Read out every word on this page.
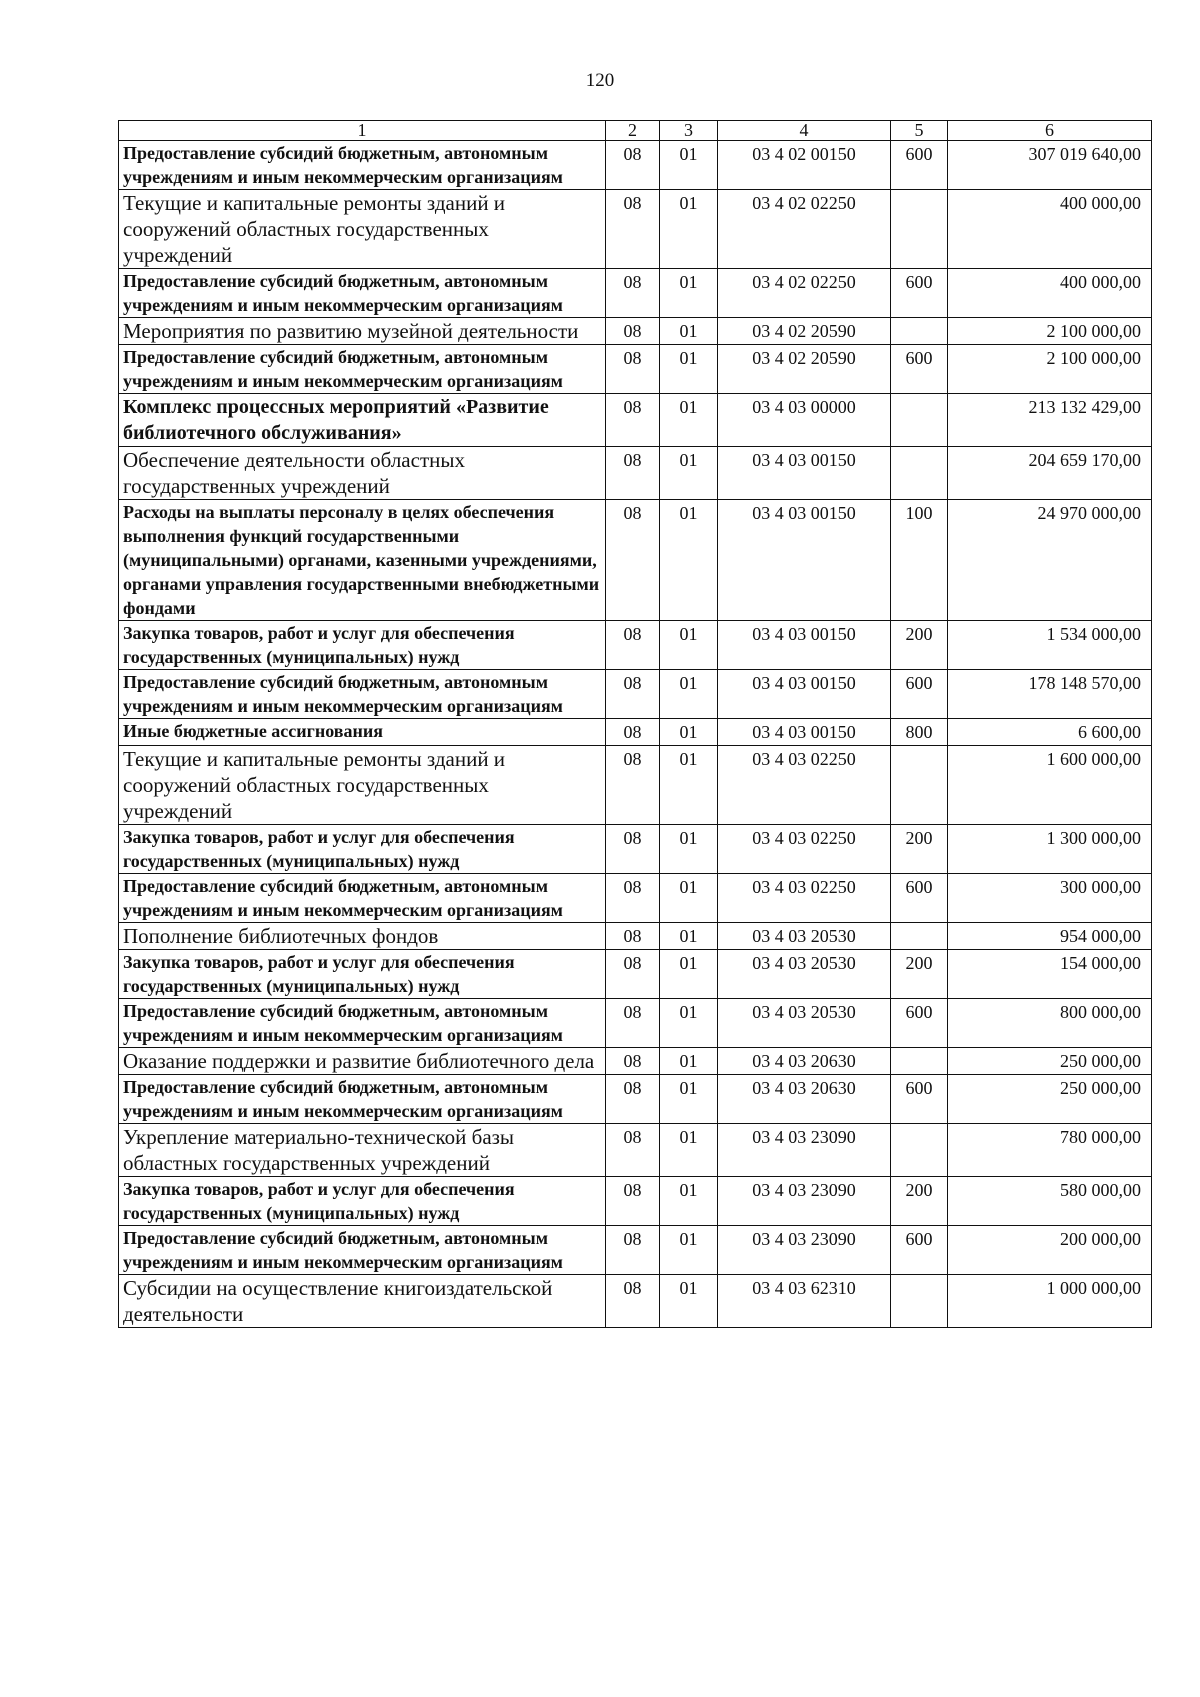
120
1	2	3	4	5	6
Предоставление субсидий бюджетным, автономным учреждениям и иным некоммерческим организациям	08	01	03 4 02 00150	600	307 019 640,00
Текущие и капитальные ремонты зданий и сооружений областных государственных учреждений	08	01	03 4 02 02250		400 000,00
Предоставление субсидий бюджетным, автономным учреждениям и иным некоммерческим организациям	08	01	03 4 02 02250	600	400 000,00
Мероприятия по развитию музейной деятельности	08	01	03 4 02 20590		2 100 000,00
Предоставление субсидий бюджетным, автономным учреждениям и иным некоммерческим организациям	08	01	03 4 02 20590	600	2 100 000,00
Комплекс процессных мероприятий «Развитие библиотечного обслуживания»	08	01	03 4 03 00000		213 132 429,00
Обеспечение деятельности областных государственных учреждений	08	01	03 4 03 00150		204 659 170,00
Расходы на выплаты персоналу в целях обеспечения выполнения функций государственными (муниципальными) органами, казенными учреждениями, органами управления государственными внебюджетными фондами	08	01	03 4 03 00150	100	24 970 000,00
Закупка товаров, работ и услуг для обеспечения государственных (муниципальных) нужд	08	01	03 4 03 00150	200	1 534 000,00
Предоставление субсидий бюджетным, автономным учреждениям и иным некоммерческим организациям	08	01	03 4 03 00150	600	178 148 570,00
Иные бюджетные ассигнования	08	01	03 4 03 00150	800	6 600,00
Текущие и капитальные ремонты зданий и сооружений областных государственных учреждений	08	01	03 4 03 02250		1 600 000,00
Закупка товаров, работ и услуг для обеспечения государственных (муниципальных) нужд	08	01	03 4 03 02250	200	1 300 000,00
Предоставление субсидий бюджетным, автономным учреждениям и иным некоммерческим организациям	08	01	03 4 03 02250	600	300 000,00
Пополнение библиотечных фондов	08	01	03 4 03 20530		954 000,00
Закупка товаров, работ и услуг для обеспечения государственных (муниципальных) нужд	08	01	03 4 03 20530	200	154 000,00
Предоставление субсидий бюджетным, автономным учреждениям и иным некоммерческим организациям	08	01	03 4 03 20530	600	800 000,00
Оказание поддержки и развитие библиотечного дела	08	01	03 4 03 20630		250 000,00
Предоставление субсидий бюджетным, автономным учреждениям и иным некоммерческим организациям	08	01	03 4 03 20630	600	250 000,00
Укрепление материально-технической базы областных государственных учреждений	08	01	03 4 03 23090		780 000,00
Закупка товаров, работ и услуг для обеспечения государственных (муниципальных) нужд	08	01	03 4 03 23090	200	580 000,00
Предоставление субсидий бюджетным, автономным учреждениям и иным некоммерческим организациям	08	01	03 4 03 23090	600	200 000,00
Субсидии на осуществление книгоиздательской деятельности	08	01	03 4 03 62310		1 000 000,00
